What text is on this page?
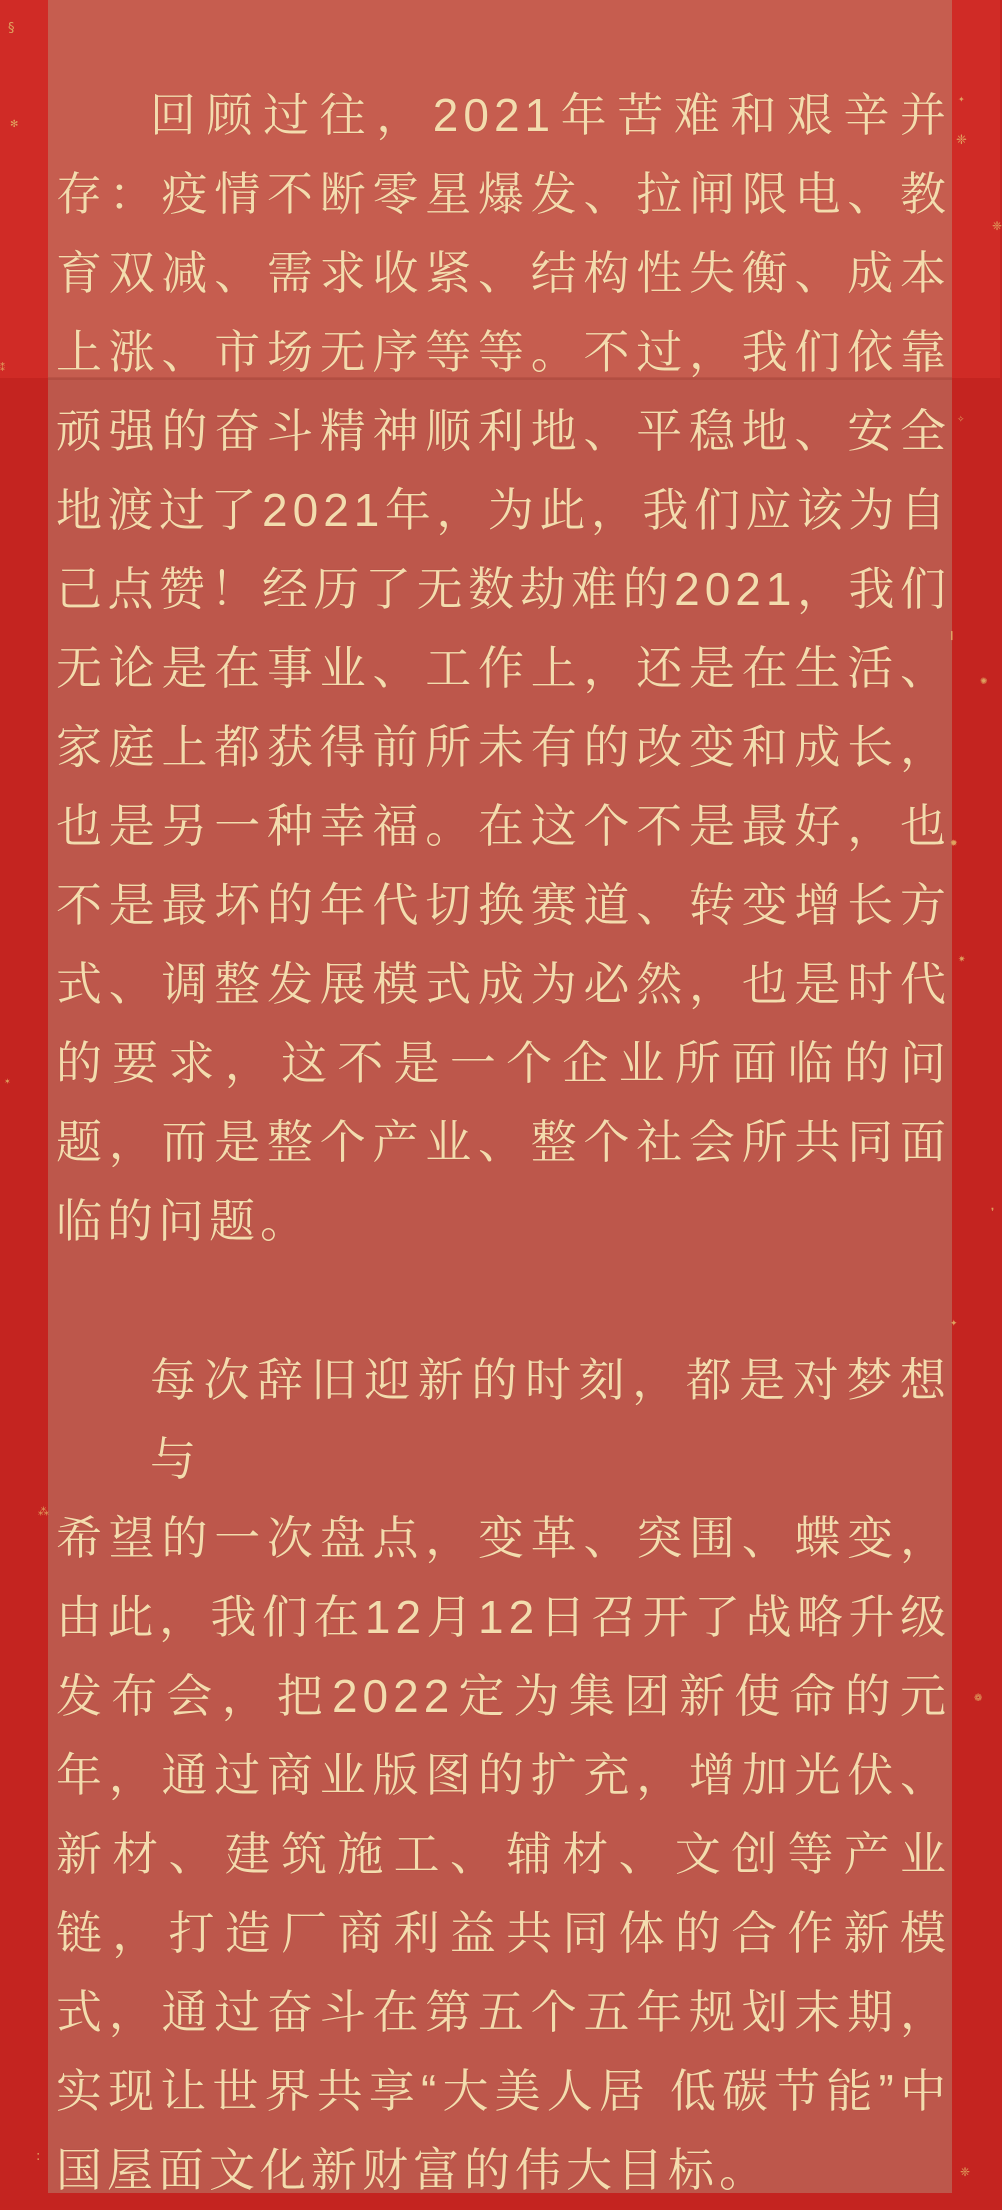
回顾过往，2021年苦难和艰辛并
存：疫情不断零星爆发、拉闸限电、教
育双减、需求收紧、结构性失衡、成本
上涨、市场无序等等。不过，我们依靠
顽强的奋斗精神顺利地、平稳地、安全
地渡过了2021年，为此，我们应该为自
己点赞！经历了无数劫难的2021，我们
无论是在事业、工作上，还是在生活、
家庭上都获得前所未有的改变和成长，
也是另一种幸福。在这个不是最好，也
不是最坏的年代切换赛道、转变增长方
式、调整发展模式成为必然，也是时代
的要求，这不是一个企业所面临的问
题，而是整个产业、整个社会所共同面
临的问题。
每次辞旧迎新的时刻，都是对梦想与
希望的一次盘点，变革、突围、蝶变，
由此，我们在12月12日召开了战略升级
发布会，把2022定为集团新使命的元
年，通过商业版图的扩充，增加光伏、
新材、建筑施工、辅材、文创等产业
链，打造厂商利益共同体的合作新模
式，通过奋斗在第五个五年规划末期，
实现让世界共享“大美人居 低碳节能”中
国屋面文化新财富的伟大目标。
§
✻
⁑
✶
⁂
:
✦
❈
❈
✧
❙
✺
✹
✷
❜
✦
❁
❈
